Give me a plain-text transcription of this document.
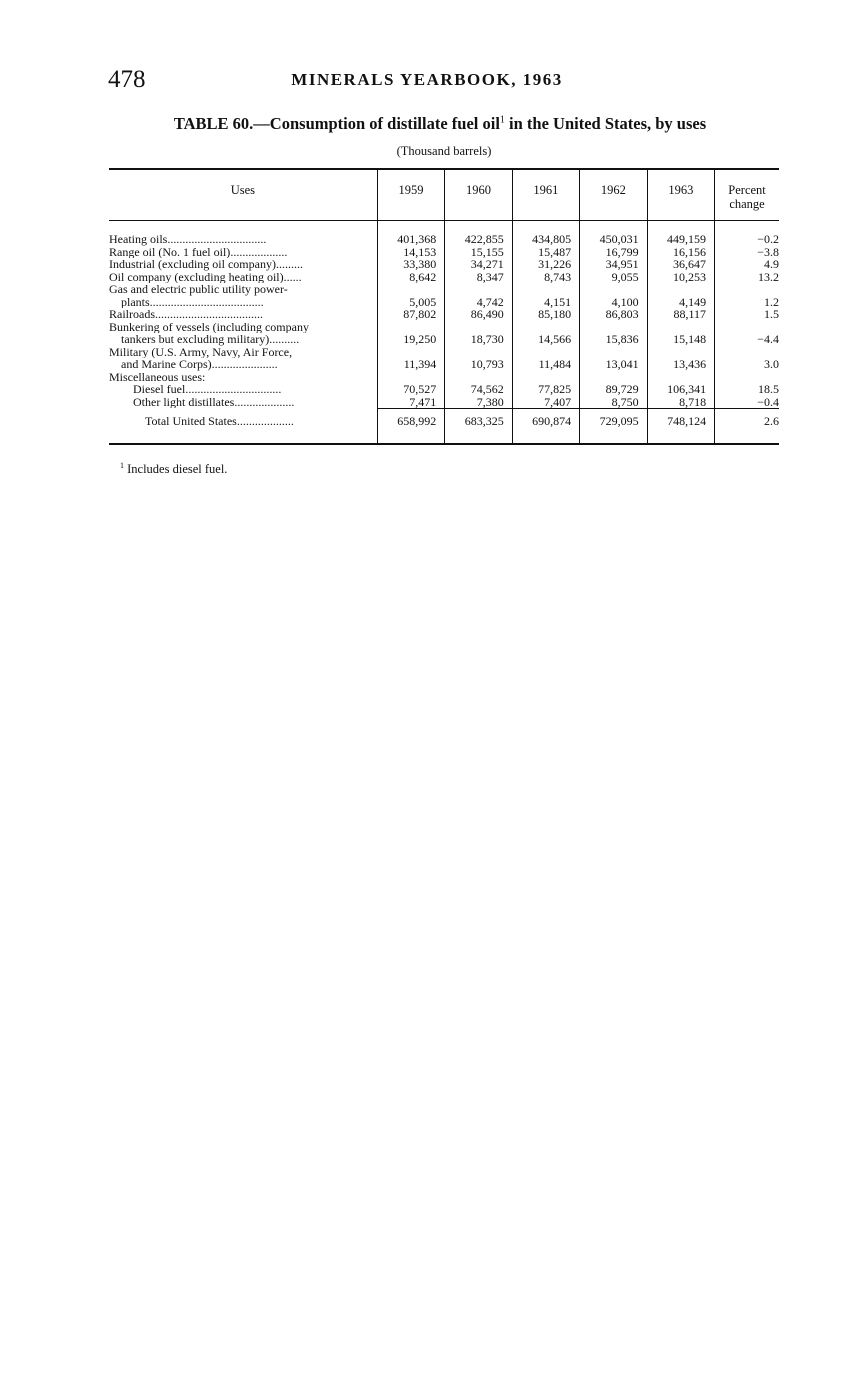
478	MINERALS YEARBOOK, 1963
TABLE 60.—Consumption of distillate fuel oil$^1$ in the United States, by uses
(Thousand barrels)
Uses	1959	1960	1961	1962	1963	Percent change
Heating oils.................................	401,368	422,855	434,805	450,031	449,159	−0.2
Range oil (No. 1 fuel oil)...................	14,153	15,155	15,487	16,799	16,156	−3.8
Industrial (excluding oil company).........	33,380	34,271	31,226	34,951	36,647	4.9
Oil company (excluding heating oil)......	8,642	8,347	8,743	9,055	10,253	13.2
Gas and electric public utility power-
plants......................................	5,005	4,742	4,151	4,100	4,149	1.2
Railroads....................................	87,802	86,490	85,180	86,803	88,117	1.5
Bunkering of vessels (including company
tankers but excluding military)..........	19,250	18,730	14,566	15,836	15,148	−4.4
Military (U.S. Army, Navy, Air Force,
and Marine Corps)......................	11,394	10,793	11,484	13,041	13,436	3.0
Miscellaneous uses:
Diesel fuel................................	70,527	74,562	77,825	89,729	106,341	18.5
Other light distillates....................	7,471	7,380	7,407	8,750	8,718	−0.4
Total United States...................	658,992	683,325	690,874	729,095	748,124	2.6
$^1$ Includes diesel fuel.
